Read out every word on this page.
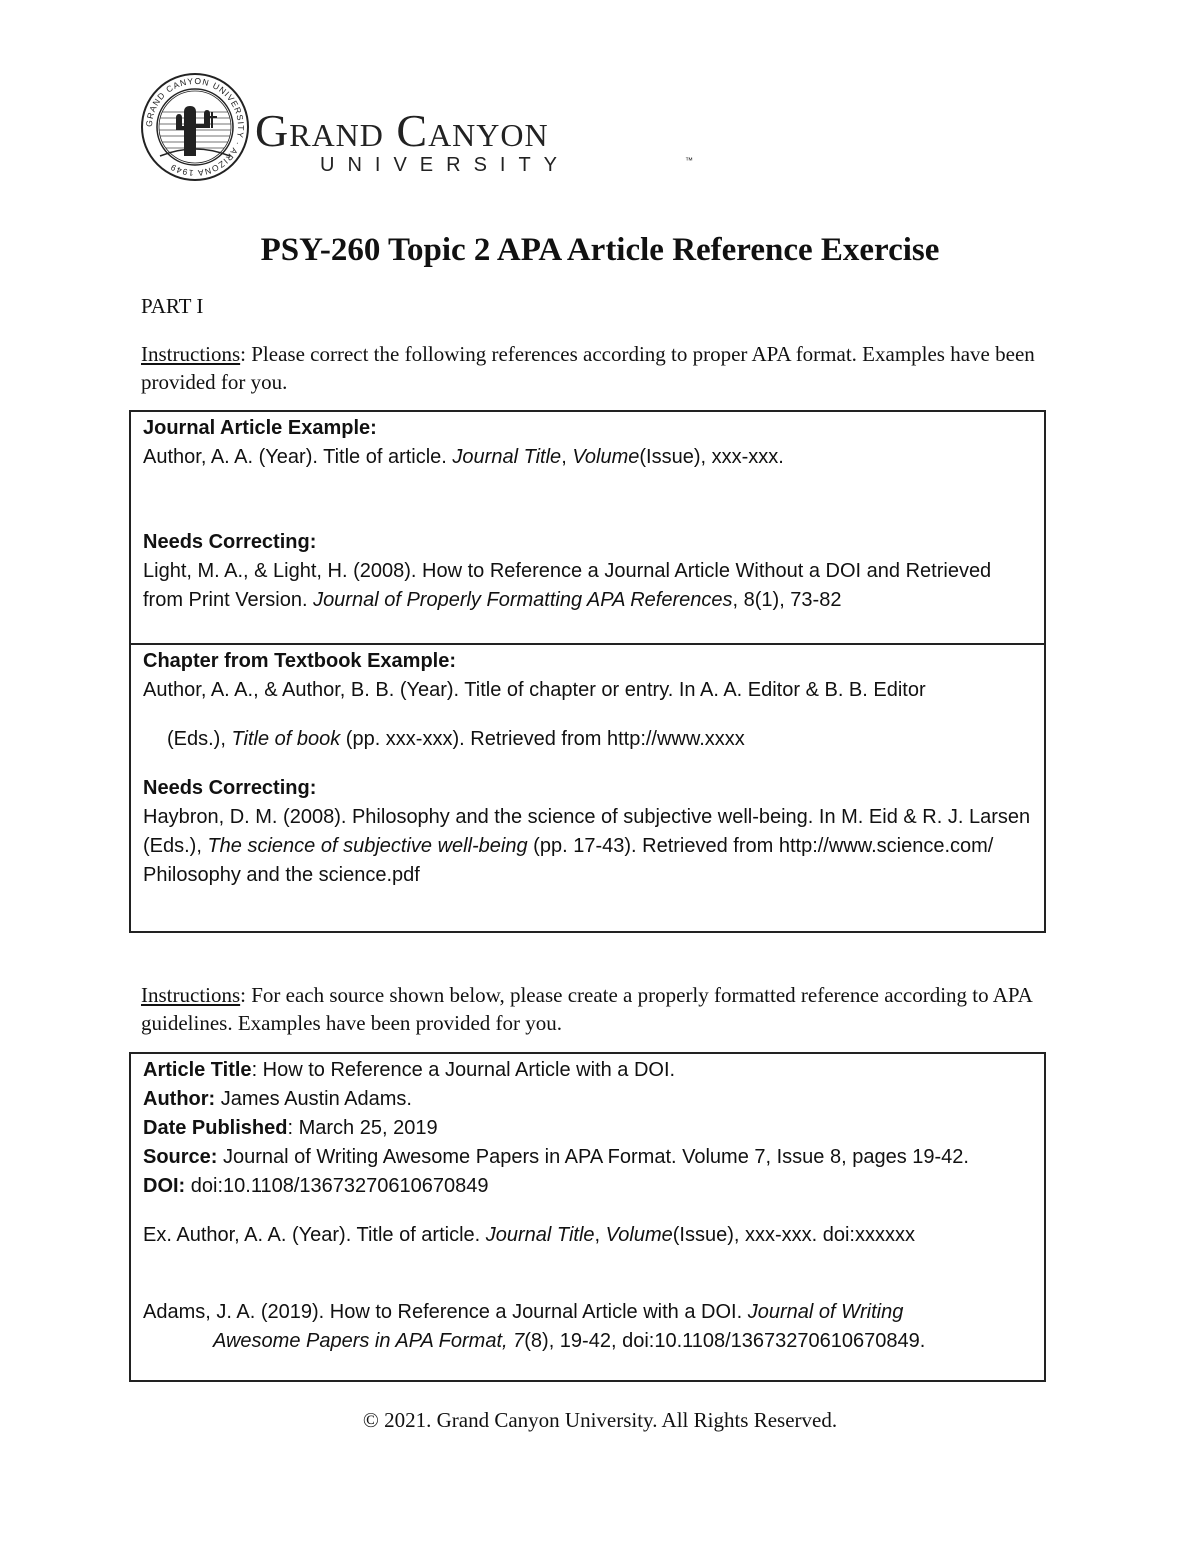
GRAND CANYON UNIVERSITY · ARIZONA 1949
Grand Canyon
UNIVERSITY	™
PSY-260 Topic 2 APA Article Reference Exercise
PART I
Instructions: Please correct the following references according to proper APA format. Examples have been provided for you.
Journal Article Example:
Author, A. A. (Year). Title of article. Journal Title, Volume(Issue), xxx-xxx.
Needs Correcting:
Light, M. A., & Light, H. (2008). How to Reference a Journal Article Without a DOI and Retrieved from Print Version. Journal of Properly Formatting APA References, 8(1), 73-82
Chapter from Textbook Example:
Author, A. A., & Author, B. B. (Year). Title of chapter or entry. In A. A. Editor & B. B. Editor
(Eds.), Title of book (pp. xxx-xxx). Retrieved from http://www.xxxx
Needs Correcting:
Haybron, D. M. (2008). Philosophy and the science of subjective well-being. In M. Eid & R. J. Larsen (Eds.), The science of subjective well-being (pp. 17-43). Retrieved from http://www.science.com/ Philosophy and the science.pdf
Instructions: For each source shown below, please create a properly formatted reference according to APA guidelines. Examples have been provided for you.
Article Title: How to Reference a Journal Article with a DOI.
Author: James Austin Adams.
Date Published: March 25, 2019
Source: Journal of Writing Awesome Papers in APA Format. Volume 7, Issue 8, pages 19-42.
DOI: doi:10.1108/13673270610670849
Ex. Author, A. A. (Year). Title of article. Journal Title, Volume(Issue), xxx-xxx. doi:xxxxxx
Adams, J. A. (2019). How to Reference a Journal Article with a DOI. Journal of Writing
Awesome Papers in APA Format, 7(8), 19-42, doi:10.1108/13673270610670849.
© 2021. Grand Canyon University. All Rights Reserved.
